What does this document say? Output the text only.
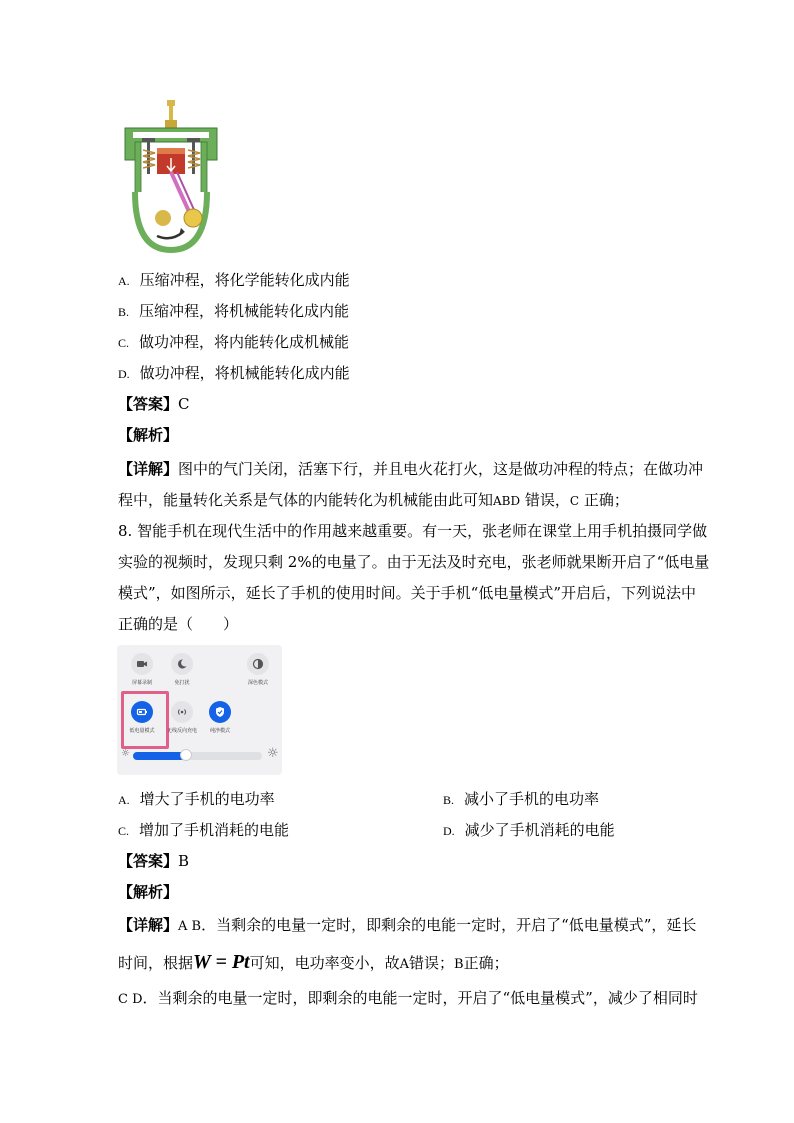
A. 压缩冲程，将化学能转化成内能
B. 压缩冲程，将机械能转化成内能
C. 做功冲程，将内能转化成机械能
D. 做功冲程，将机械能转化成内能
【答案】C
【解析】
【详解】图中的气门关闭，活塞下行，并且电火花打火，这是做功冲程的特点；在做功冲
程中，能量转化关系是气体的内能转化为机械能由此可知ABD 错误，C 正确；
8. 智能手机在现代生活中的作用越来越重要。有一天，张老师在课堂上用手机拍摄同学做
实验的视频时，发现只剩 2%的电量了。由于无法及时充电，张老师就果断开启了“低电量
模式”，如图所示，延长了手机的使用时间。关于手机“低电量模式”开启后，下列说法中
正确的是（　　）
屏幕录制	免打扰	深色模式
低电量模式	无线反向充电	纯净模式
☼	☼
A. 增大了手机的电功率	B. 减小了手机的电功率
C. 增加了手机消耗的电能	D. 减少了手机消耗的电能
【答案】B
【解析】
【详解】A B．当剩余的电量一定时，即剩余的电能一定时，开启了“低电量模式”，延长
时间，根据W = Pt可知，电功率变小，故A错误；B正确；
C D．当剩余的电量一定时，即剩余的电能一定时，开启了“低电量模式”，减少了相同时
